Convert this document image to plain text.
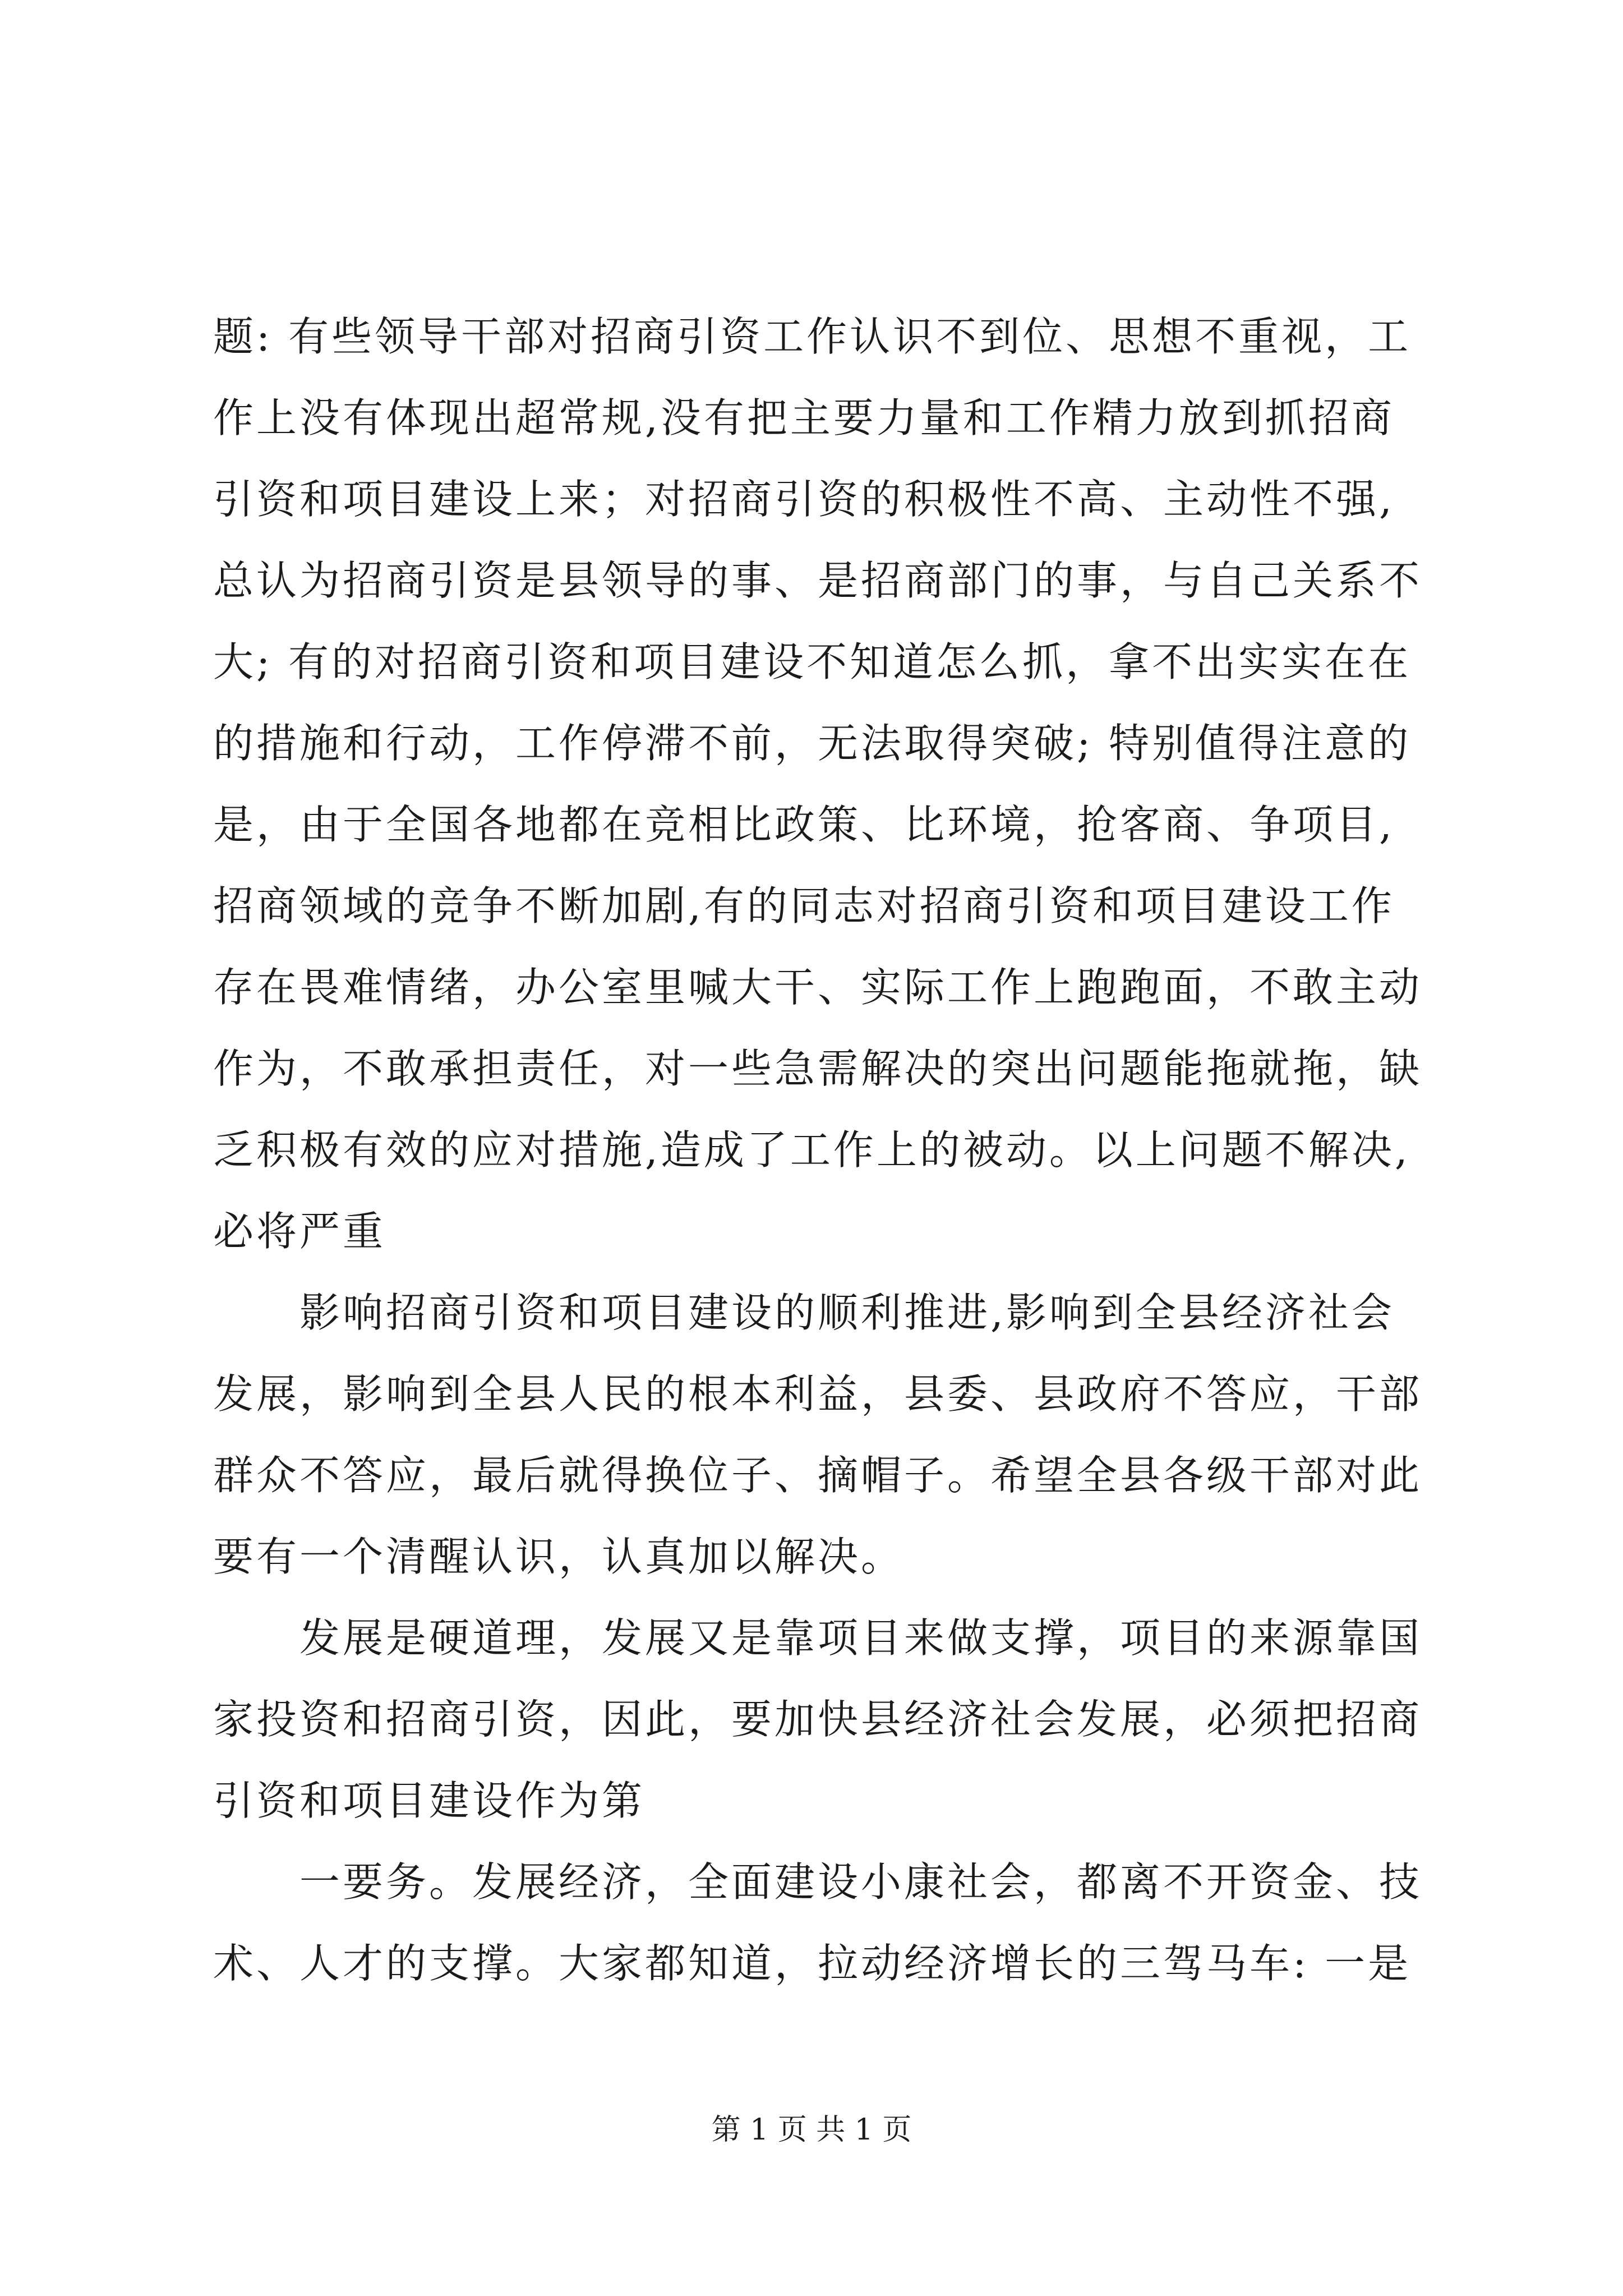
题: 有些领导干部对招商引资工作认识不到位、思想不重视，工
作上没有体现出超常规,没有把主要力量和工作精力放到抓招商
引资和项目建设上来；对招商引资的积极性不高、主动性不强,
总认为招商引资是县领导的事、是招商部门的事，与自己关系不
大; 有的对招商引资和项目建设不知道怎么抓，拿不出实实在在
的措施和行动，工作停滞不前，无法取得突破; 特别值得注意的
是，由于全国各地都在竞相比政策、比环境，抢客商、争项目,
招商领域的竞争不断加剧,有的同志对招商引资和项目建设工作
存在畏难情绪，办公室里喊大干、实际工作上跑跑面，不敢主动
作为，不敢承担责任，对一些急需解决的突出问题能拖就拖，缺
乏积极有效的应对措施,造成了工作上的被动。以上问题不解决,
必将严重
　　影响招商引资和项目建设的顺利推进,影响到全县经济社会
发展，影响到全县人民的根本利益，县委、县政府不答应，干部
群众不答应，最后就得换位子、摘帽子。希望全县各级干部对此
要有一个清醒认识，认真加以解决。
　　发展是硬道理，发展又是靠项目来做支撑，项目的来源靠国
家投资和招商引资，因此，要加快县经济社会发展，必须把招商
引资和项目建设作为第
　　一要务。发展经济，全面建设小康社会，都离不开资金、技
术、人才的支撑。大家都知道，拉动经济增长的三驾马车: 一是
第 1 页 共 1 页
